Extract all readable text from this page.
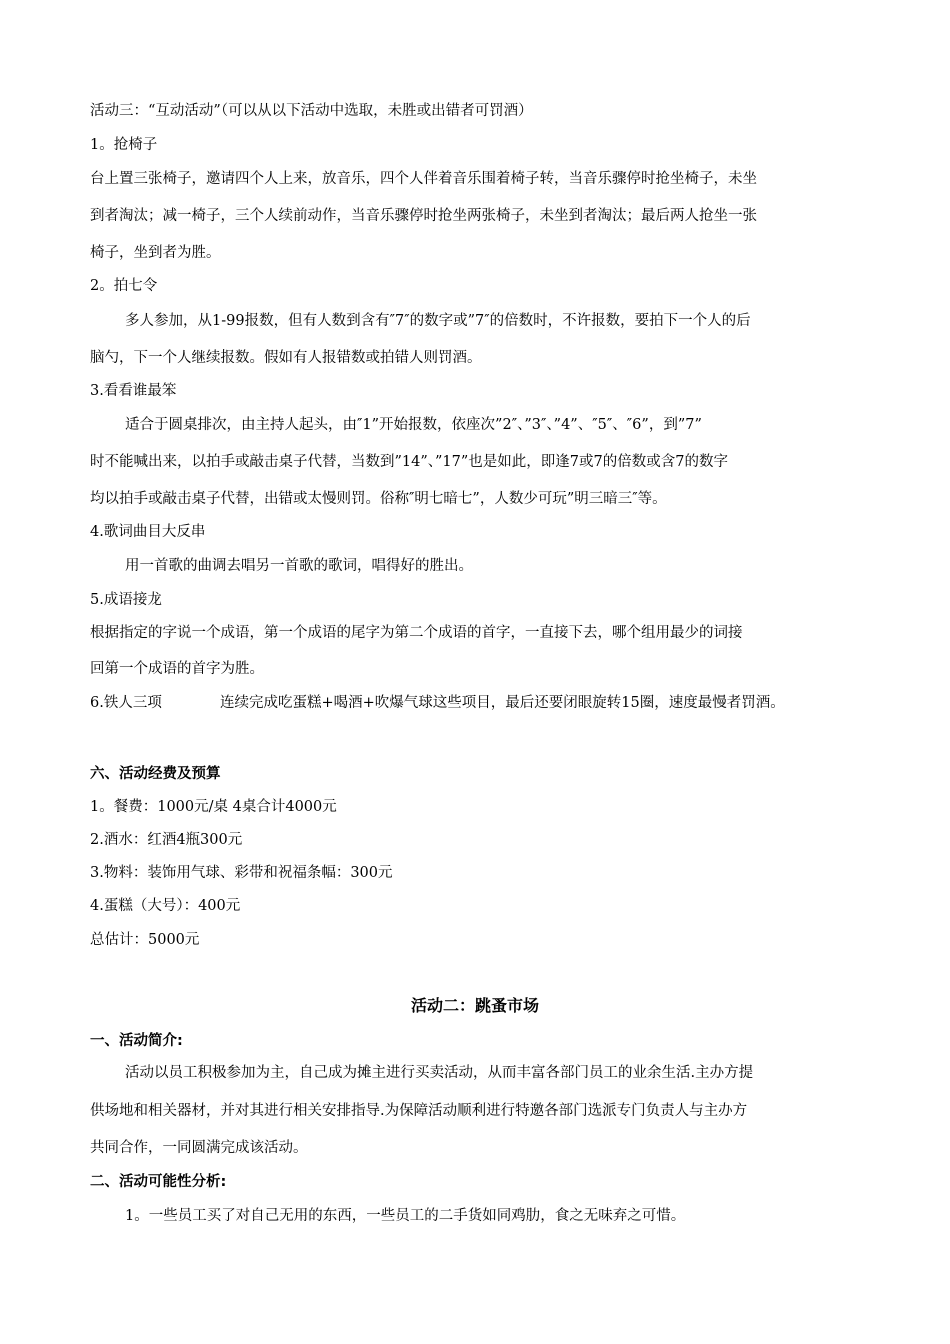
活动三：“互动活动”（可以从以下活动中选取，未胜或出错者可罚酒）
1。抢椅子
台上置三张椅子，邀请四个人上来，放音乐，四个人伴着音乐围着椅子转，当音乐骤停时抢坐椅子，未坐
到者淘汰；减一椅子，三个人续前动作，当音乐骤停时抢坐两张椅子，未坐到者淘汰；最后两人抢坐一张
椅子，坐到者为胜。
2。拍七令
多人参加，从1-99报数，但有人数到含有″7″的数字或”7″的倍数时，不许报数，要拍下一个人的后
脑勺，下一个人继续报数。假如有人报错数或拍错人则罚酒。
3.看看谁最笨
适合于圆桌排次，由主持人起头，由″1”开始报数，依座次”2″、”3″、”4”、″5″、″6”，到”7”
时不能喊出来，以拍手或敲击桌子代替，当数到”14”、”17”也是如此，即逢7或7的倍数或含7的数字
均以拍手或敲击桌子代替，出错或太慢则罚。俗称″明七暗七”，人数少可玩”明三暗三″等。
4.歌词曲目大反串
用一首歌的曲调去唱另一首歌的歌词，唱得好的胜出。
5.成语接龙
根据指定的字说一个成语，第一个成语的尾字为第二个成语的首字，一直接下去，哪个组用最少的词接
回第一个成语的首字为胜。
6.铁人三项	连续完成吃蛋糕+喝酒+吹爆气球这些项目，最后还要闭眼旋转15圈，速度最慢者罚酒。
六、活动经费及预算
1。餐费：1000元/桌 4桌合计4000元
2.酒水：红酒4瓶300元
3.物料：装饰用气球、彩带和祝福条幅：300元
4.蛋糕（大号）：400元
总估计：5000元
活动二：跳蚤市场
一、活动简介:
活动以员工积极参加为主，自己成为摊主进行买卖活动，从而丰富各部门员工的业余生活.主办方提
供场地和相关器材，并对其进行相关安排指导.为保障活动顺利进行特邀各部门选派专门负责人与主办方
共同合作，一同圆满完成该活动。
二、活动可能性分析:
1。一些员工买了对自己无用的东西，一些员工的二手货如同鸡肋，食之无味弃之可惜。
